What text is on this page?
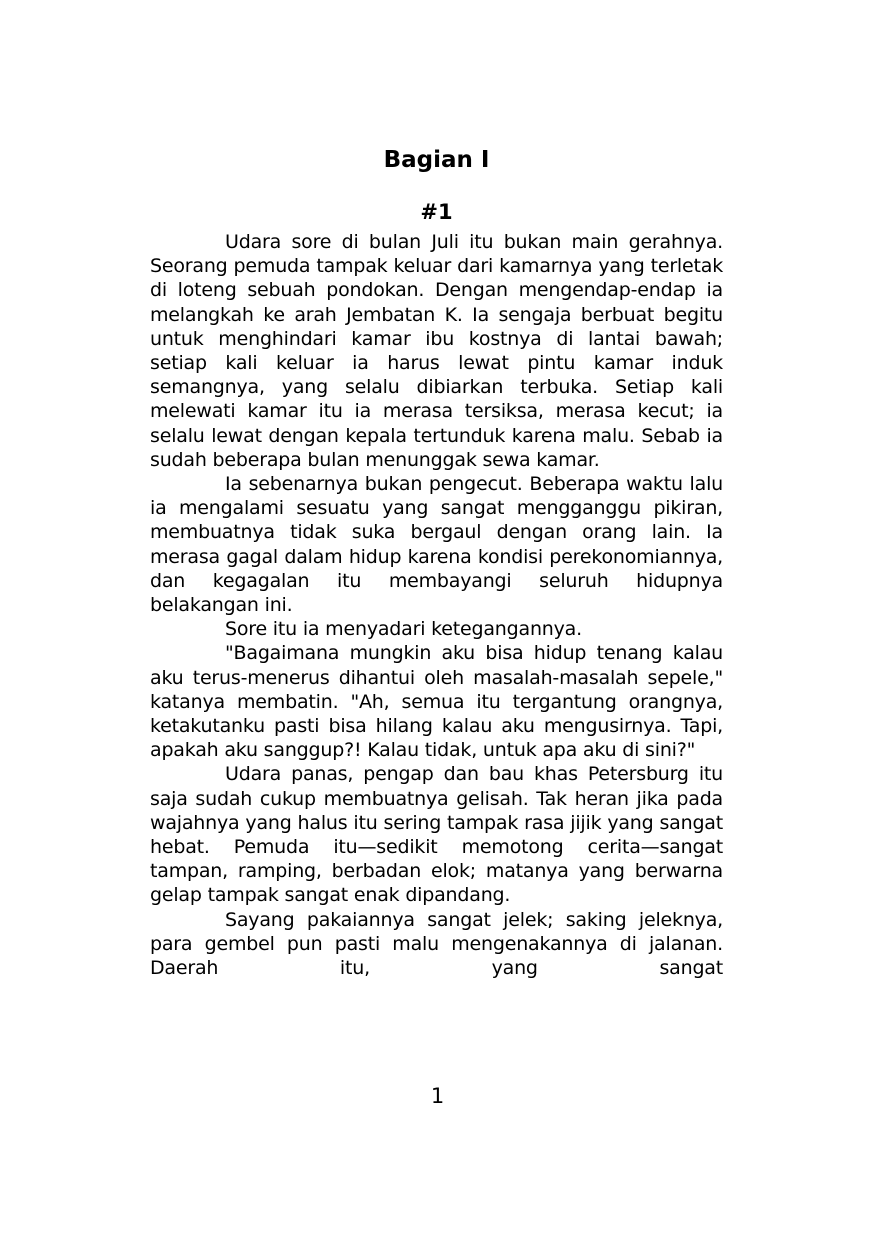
Bagian I
#1

Udara sore di bulan Juli itu bukan main gerahnya. Seorang pemuda tampak keluar dari kamarnya yang terletak di loteng sebuah pondokan. Dengan mengendap-endap ia melangkah ke arah Jembatan K. Ia sengaja berbuat begitu untuk menghindari kamar ibu kostnya di lantai bawah; setiap kali keluar ia harus lewat pintu kamar induk semangnya, yang selalu dibiarkan terbuka. Setiap kali melewati kamar itu ia merasa tersiksa, merasa kecut; ia selalu lewat dengan kepala tertunduk karena malu. Sebab ia sudah beberapa bulan menunggak sewa kamar.

Ia sebenarnya bukan pengecut. Beberapa waktu lalu ia mengalami sesuatu yang sangat mengganggu pikiran, membuatnya tidak suka bergaul dengan orang lain. Ia merasa gagal dalam hidup karena kondisi perekonomiannya, dan kegagalan itu membayangi seluruh hidupnya belakangan ini.

Sore itu ia menyadari ketegangannya.

"Bagaimana mungkin aku bisa hidup tenang kalau aku terus-menerus dihantui oleh masalah-masalah sepele," katanya membatin. "Ah, semua itu tergantung orangnya, ketakutanku pasti bisa hilang kalau aku mengusirnya. Tapi, apakah aku sanggup?! Kalau tidak, untuk apa aku di sini?"

Udara panas, pengap dan bau khas Petersburg itu saja sudah cukup membuatnya gelisah. Tak heran jika pada wajahnya yang halus itu sering tampak rasa jijik yang sangat hebat. Pemuda itu—sedikit memotong cerita—sangat tampan, ramping, berbadan elok; matanya yang berwarna gelap tampak sangat enak dipandang.

Sayang pakaiannya sangat jelek; saking jeleknya, para gembel pun pasti malu mengenakannya di jalanan. Daerah itu, yang sangat

1
